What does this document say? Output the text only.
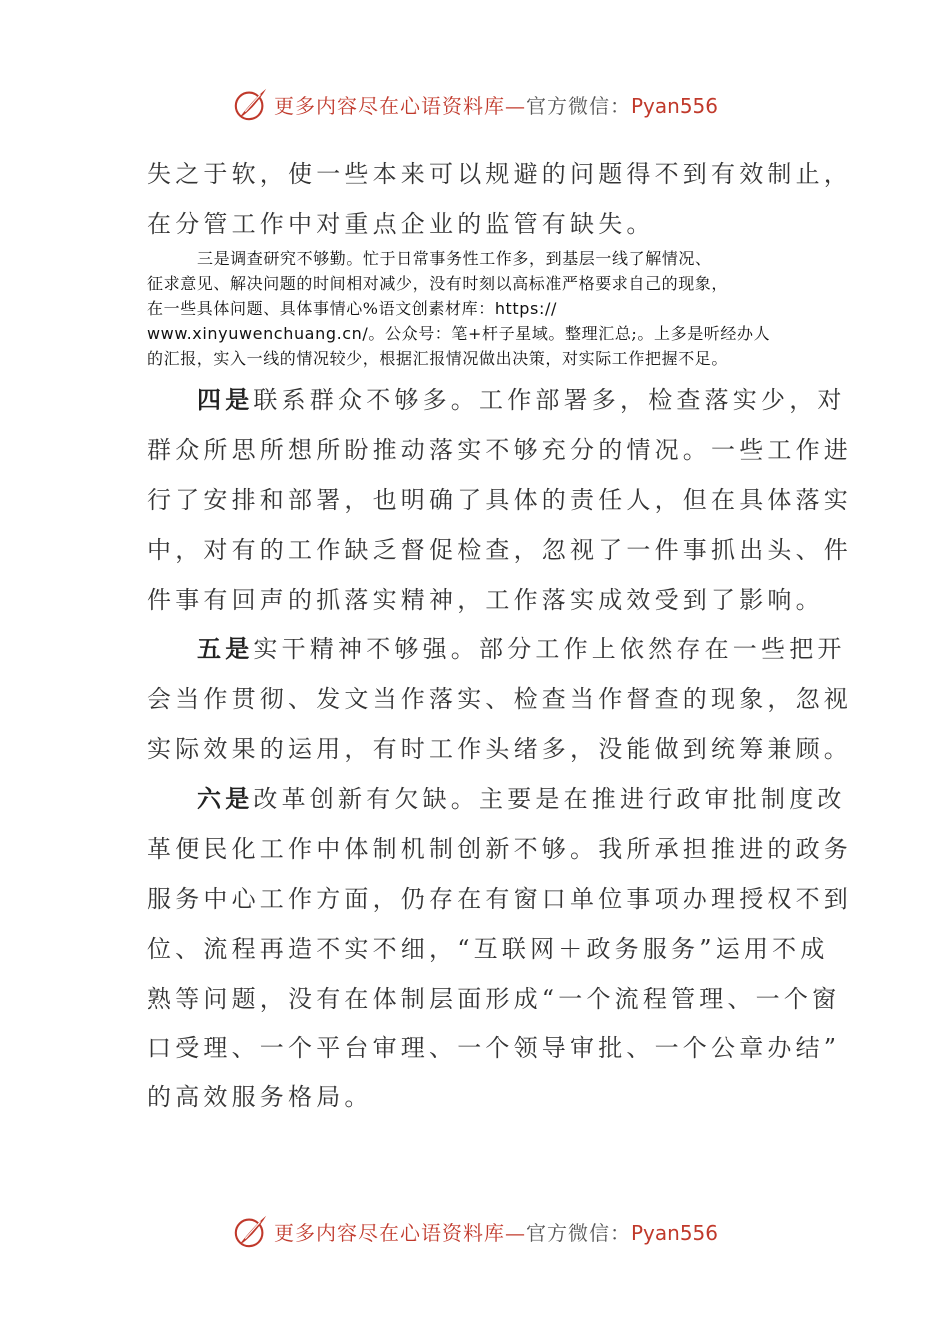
更多内容尽在心语资料库—官方微信：Pyan556
失之于软，使一些本来可以规避的问题得不到有效制止，
在分管工作中对重点企业的监管有缺失。
三是调查研究不够勤。忙于日常事务性工作多，到基层一线了解情况、
征求意见、解决问题的时间相对减少，没有时刻以高标准严格要求自己的现象，
在一些具体问题、具体事情心%语文创素材库：https://
www.xinyuwenchuang.cn/。公众号：笔+杆子星域。整理汇总;。上多是听经办人
的汇报，实入一线的情况较少，根据汇报情况做出决策，对实际工作把握不足。
四是联系群众不够多。工作部署多，检查落实少，对
群众所思所想所盼推动落实不够充分的情况。一些工作进
行了安排和部署，也明确了具体的责任人，但在具体落实
中，对有的工作缺乏督促检查，忽视了一件事抓出头、件
件事有回声的抓落实精神，工作落实成效受到了影响。
五是实干精神不够强。部分工作上依然存在一些把开
会当作贯彻、发文当作落实、检查当作督查的现象，忽视
实际效果的运用，有时工作头绪多，没能做到统筹兼顾。
六是改革创新有欠缺。主要是在推进行政审批制度改
革便民化工作中体制机制创新不够。我所承担推进的政务
服务中心工作方面，仍存在有窗口单位事项办理授权不到
位、流程再造不实不细，“互联网＋政务服务”运用不成
熟等问题，没有在体制层面形成“一个流程管理、一个窗
口受理、一个平台审理、一个领导审批、一个公章办结”
的高效服务格局。
更多内容尽在心语资料库—官方微信：Pyan556
